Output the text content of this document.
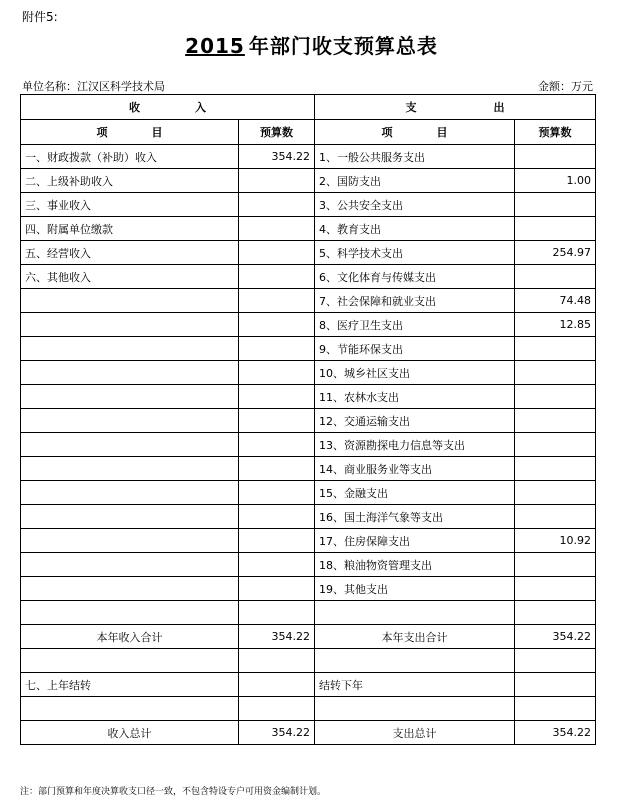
附件5:
2015 年部门收支预算总表
单位名称：江汉区科学技术局	金额：万元
收　　　　　入		支　　　　　　　出	
项　　　　目	预算数	项　　　　目	预算数
一、财政拨款（补助）收入	354.22	1、一般公共服务支出	
二、上级补助收入		2、国防支出	1.00
三、事业收入		3、公共安全支出	
四、附属单位缴款		4、教育支出	
五、经营收入		5、科学技术支出	254.97
六、其他收入		6、文化体育与传媒支出	
		7、社会保障和就业支出	74.48
		8、医疗卫生支出	12.85
		9、节能环保支出	
		10、城乡社区支出	
		11、农林水支出	
		12、交通运输支出	
		13、资源勘探电力信息等支出	
		14、商业服务业等支出	
		15、金融支出	
		16、国土海洋气象等支出	
		17、住房保障支出	10.92
		18、粮油物资管理支出	
		19、其他支出	

本年收入合计	354.22	本年支出合计	354.22

七、上年结转		结转下年	

收入总计	354.22	支出总计	354.22
注：部门预算和年度决算收支口径一致，不包含特设专户可用资金编制计划。
